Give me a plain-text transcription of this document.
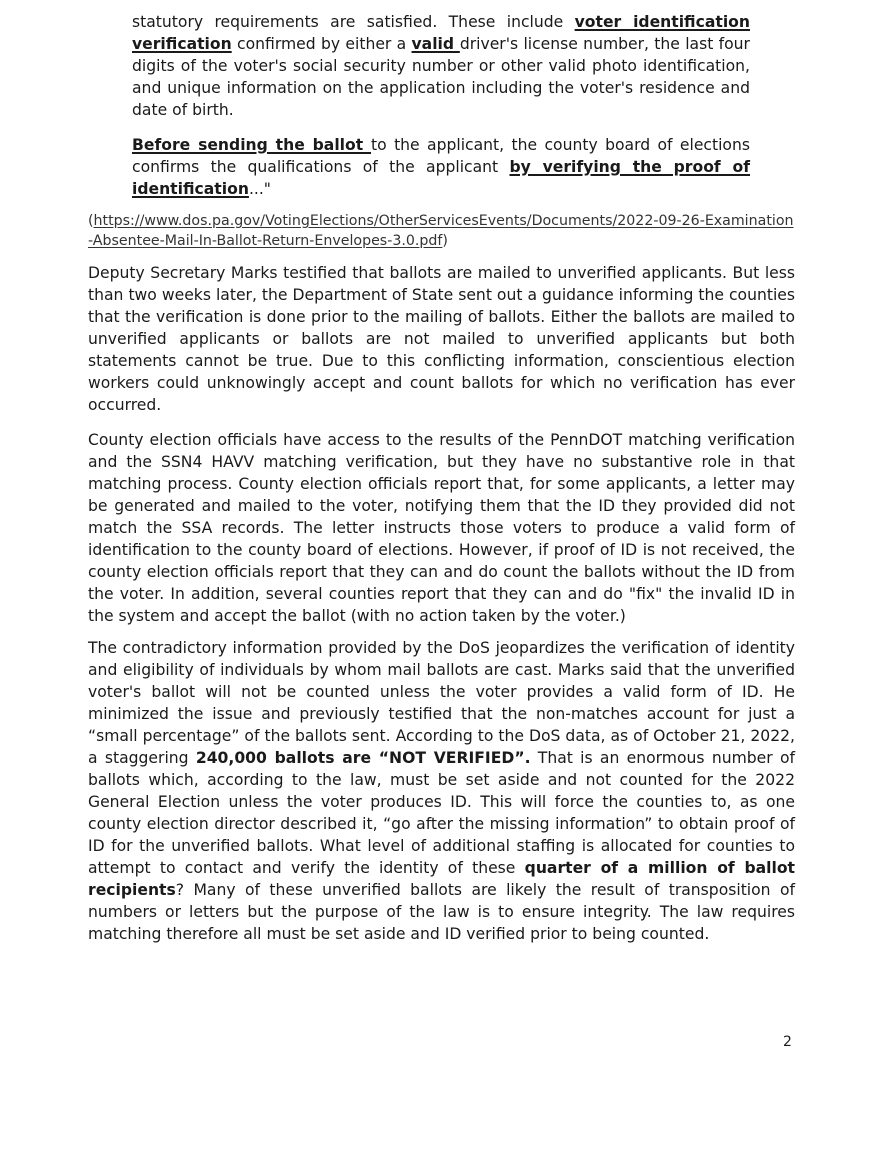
statutory requirements are satisfied. These include voter identification verification confirmed by either a valid driver's license number, the last four digits of the voter's social security number or other valid photo identification, and unique information on the application including the voter's residence and date of birth.

Before sending the ballot to the applicant, the county board of elections confirms the qualifications of the applicant by verifying the proof of identification..."

(https://www.dos.pa.gov/VotingElections/OtherServicesEvents/Documents/2022-09-26-Examination-Absentee-Mail-In-Ballot-Return-Envelopes-3.0.pdf)

Deputy Secretary Marks testified that ballots are mailed to unverified applicants. But less than two weeks later, the Department of State sent out a guidance informing the counties that the verification is done prior to the mailing of ballots. Either the ballots are mailed to unverified applicants or ballots are not mailed to unverified applicants but both statements cannot be true. Due to this conflicting information, conscientious election workers could unknowingly accept and count ballots for which no verification has ever occurred.

County election officials have access to the results of the PennDOT matching verification and the SSN4 HAVV matching verification, but they have no substantive role in that matching process. County election officials report that, for some applicants, a letter may be generated and mailed to the voter, notifying them that the ID they provided did not match the SSA records. The letter instructs those voters to produce a valid form of identification to the county board of elections. However, if proof of ID is not received, the county election officials report that they can and do count the ballots without the ID from the voter. In addition, several counties report that they can and do "fix" the invalid ID in the system and accept the ballot (with no action taken by the voter.)

The contradictory information provided by the DoS jeopardizes the verification of identity and eligibility of individuals by whom mail ballots are cast. Marks said that the unverified voter's ballot will not be counted unless the voter provides a valid form of ID. He minimized the issue and previously testified that the non-matches account for just a “small percentage” of the ballots sent. According to the DoS data, as of October 21, 2022, a staggering 240,000 ballots are “NOT VERIFIED”. That is an enormous number of ballots which, according to the law, must be set aside and not counted for the 2022 General Election unless the voter produces ID. This will force the counties to, as one county election director described it, “go after the missing information” to obtain proof of ID for the unverified ballots. What level of additional staffing is allocated for counties to attempt to contact and verify the identity of these quarter of a million of ballot recipients? Many of these unverified ballots are likely the result of transposition of numbers or letters but the purpose of the law is to ensure integrity. The law requires matching therefore all must be set aside and ID verified prior to being counted.

2
